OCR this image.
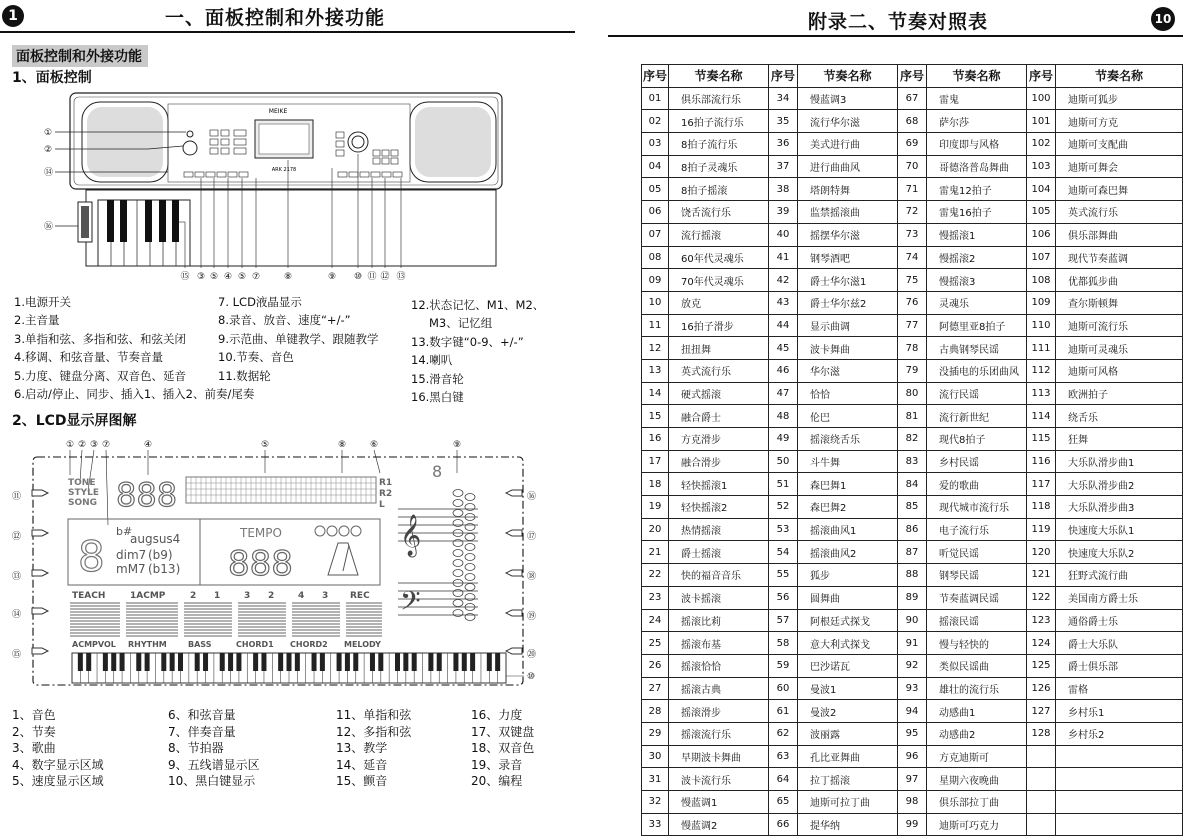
1	一、面板控制和外接功能
面板控制和外接功能
1、面板控制
MEIKE
ARK 2178
①
②
⑭
⑯
⑮ ③ ⑤ ④ ⑤ ⑦	⑧	⑨ ⑩ ⑪ ⑫ ⑬
1.电源开关
2.主音量
3.单指和弦、多指和弦、和弦关闭
4.移调、和弦音量、节奏音量
5.力度、键盘分离、双音色、延音
6.启动/停止、同步、插入1、插入2、前奏/尾奏
7. LCD液晶显示
8.录音、放音、速度“+/-”
9.示范曲、单键教学、跟随教学
10.节奏、音色
11.数据轮
12.状态记忆、M1、M2、
M3、记忆组
13.数字键“0-9、+/-”
14.喇叭
15.滑音轮
16.黑白键
2、LCD显示屏图解
① ② ③ ⑦	④	⑤	⑧	⑥	⑨
TONE
STYLE
SONG 888	R1
R2
L
8
b#
augsus4
dim7 (b9)
mM7 (b13)
TEMPO
888
𝄞
𝄢
8
TEACH	1ACMP	2 1	3 2	4 3 REC
ACMPVOL RHYTHM	BASS	CHORD1 CHORD2 MELODY
⑪
⑫
⑬
⑭
⑮
⑯
⑰
⑱
⑲
⑳
⑩
1、音色
2、节奏
3、歌曲
4、数字显示区域
5、速度显示区域
6、和弦音量
7、伴奏音量
8、节拍器
9、五线谱显示区
10、黑白键显示
11、单指和弦
12、多指和弦
13、教学
14、延音
15、颤音
16、力度
17、双键盘
18、双音色
19、录音
20、编程
附录二、节奏对照表	10
序号	节奏名称	序号	节奏名称	序号	节奏名称	序号	节奏名称
01	俱乐部流行乐	34	慢蓝调3	67	雷鬼	100	迪斯可狐步
02	16拍子流行乐	35	流行华尔滋	68	萨尔莎	101	迪斯可方克
03	8拍子流行乐	36	美式进行曲	69	印度即与风格	102	迪斯可支配曲
04	8拍子灵魂乐	37	进行曲曲风	70	哥德洛普岛舞曲	103	迪斯可舞会
05	8拍子摇滚	38	塔朗特舞	71	雷鬼12拍子	104	迪斯可森巴舞
06	饶舌流行乐	39	监禁摇滚曲	72	雷鬼16拍子	105	英式流行乐
07	流行摇滚	40	摇摆华尔滋	73	慢摇滚1	106	俱乐部舞曲
08	60年代灵魂乐	41	钢琴酒吧	74	慢摇滚2	107	现代节奏蓝调
09	70年代灵魂乐	42	爵士华尔滋1	75	慢摇滚3	108	优都狐步曲
10	放克	43	爵士华尔兹2	76	灵魂乐	109	查尔斯顿舞
11	16拍子滑步	44	显示曲调	77	阿德里亚8拍子	110	迪斯可流行乐
12	扭扭舞	45	波卡舞曲	78	古典钢琴民谣	111	迪斯可灵魂乐
13	英式流行乐	46	华尔滋	79	没插电的乐团曲风	112	迪斯可风格
14	硬式摇滚	47	恰恰	80	流行民谣	113	欧洲拍子
15	融合爵士	48	伦巴	81	流行新世纪	114	绕舌乐
16	方克滑步	49	摇滚绕舌乐	82	现代8拍子	115	狂舞
17	融合滑步	50	斗牛舞	83	乡村民谣	116	大乐队滑步曲1
18	轻快摇滚1	51	森巴舞1	84	爱的歌曲	117	大乐队滑步曲2
19	轻快摇滚2	52	森巴舞2	85	现代城市流行乐	118	大乐队滑步曲3
20	热情摇滚	53	摇滚曲风1	86	电子流行乐	119	快速度大乐队1
21	爵士摇滚	54	摇滚曲风2	87	听觉民谣	120	快速度大乐队2
22	快的福音音乐	55	狐步	88	钢琴民谣	121	狂野式流行曲
23	波卡摇滚	56	圆舞曲	89	节奏蓝调民谣	122	美国南方爵士乐
24	摇滚比莉	57	阿根廷式探戈	90	摇滚民谣	123	通俗爵士乐
25	摇滚布基	58	意大利式探戈	91	慢与轻快的	124	爵士大乐队
26	摇滚恰恰	59	巴沙诺瓦	92	类似民谣曲	125	爵士俱乐部
27	摇滚古典	60	曼波1	93	雄壮的流行乐	126	雷格
28	摇滚滑步	61	曼波2	94	动感曲1	127	乡村乐1
29	摇滚流行乐	62	波丽露	95	动感曲2	128	乡村乐2
30	早期波卡舞曲	63	孔比亚舞曲	96	方克迪斯可		
31	波卡流行乐	64	拉丁摇滚	97	星期六夜晚曲		
32	慢蓝调1	65	迪斯可拉丁曲	98	俱乐部拉丁曲		
33	慢蓝调2	66	提华纳	99	迪斯可巧克力		
